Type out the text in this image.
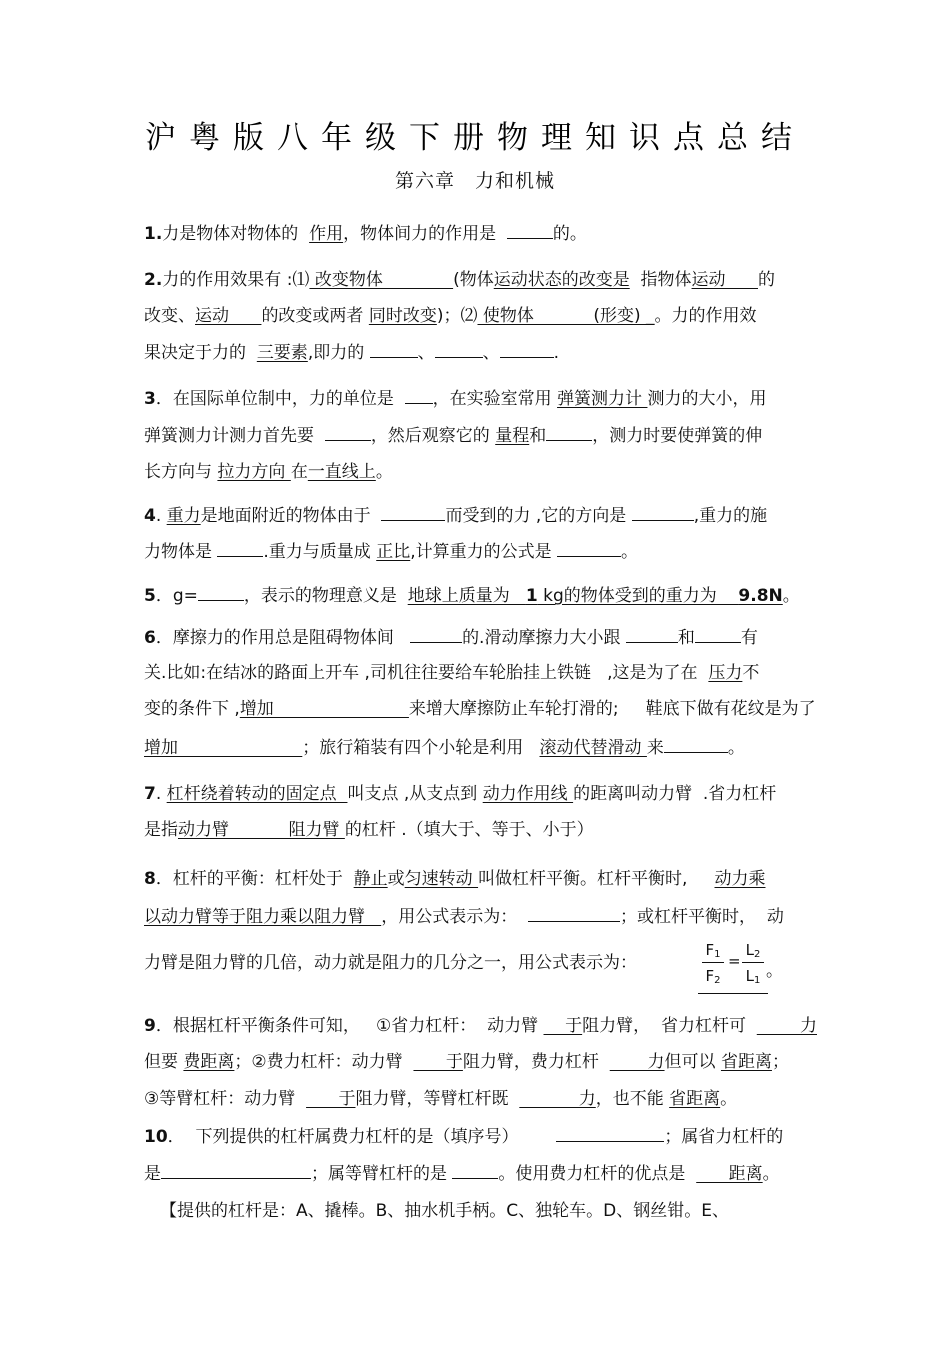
沪粤版八年级下册物理知识点总结
第六章　力和机械
1.力是物体对物体的  作用，物体间力的作用是	的。
2.力的作用效果有 :⑴ 改变物体             (物体运动状态的改变是  指物体运动      的
改变、运动      的改变或两者 同时改变)；⑵ 使物体           (形变) _。力的作用效
果决定于力的  三要素,即力的	、	、	.
3．在国际单位制中，力的单位是  ，在实验室常用 弹簧测力计 测力的大小，用
弹簧测力计测力首先要	，然后观察它的 量程和	，测力时要使弹簧的伸
长方向与 拉力方向 在一直线上。
4. 重力是地面附近的物体由于	而受到的力 ,它的方向是	,重力的施
力物体是	.重力与质量成 正比,计算重力的公式是	。
5．g=	，表示的物理意义是  地球上质量为   1 kg的物体受到的重力为    9.8N。
6．摩擦力的作用总是阻碍物体间	的.滑动摩擦力大小跟	和	有
关.比如:在结冰的路面上开车 ,司机往往要给车轮胎挂上铁链   ,这是为了在  压力不
变的条件下 ,增加                         来增大摩擦防止车轮打滑的;     鞋底下做有花纹是为了
增加                       ；旅行箱装有四个小轮是利用   滚动代替滑动 来	。
7. 杠杆绕着转动的固定点  叫支点 ,从支点到 动力作用线 的距离叫动力臂  .省力杠杆
是指动力臂           阻力臂 的杠杆 .（填大于、等于、小于）
8．杠杆的平衡：杠杆处于  静止或匀速转动 叫做杠杆平衡。杠杆平衡时,     动力乘
以动力臂等于阻力乘以阻力臂   ，用公式表示为：	；或杠杆平衡时，  动
力臂是阻力臂的几倍，动力就是阻力的几分之一，用公式表示为：
$F_1$
$F_2$
=
$L_2$
$L_1$ 。
9．根据杠杆平衡条件可知，   ①省力杠杆：  动力臂     于阻力臂，  省力杠杆可          力
但要 费距离；②费力杠杆：动力臂        于阻力臂，费力杠杆         力但可以 省距离；
③等臂杠杆：动力臂        于阻力臂，等臂杠杆既             力，也不能 省距离。
10．  下列提供的杠杆属费力杠杆的是（填序号）	；属省力杠杆的
是	；属等臂杠杆的是	。使用费力杠杆的优点是        距离。
【提供的杠杆是：A、撬棒。B、抽水机手柄。C、独轮车。D、钢丝钳。E、
